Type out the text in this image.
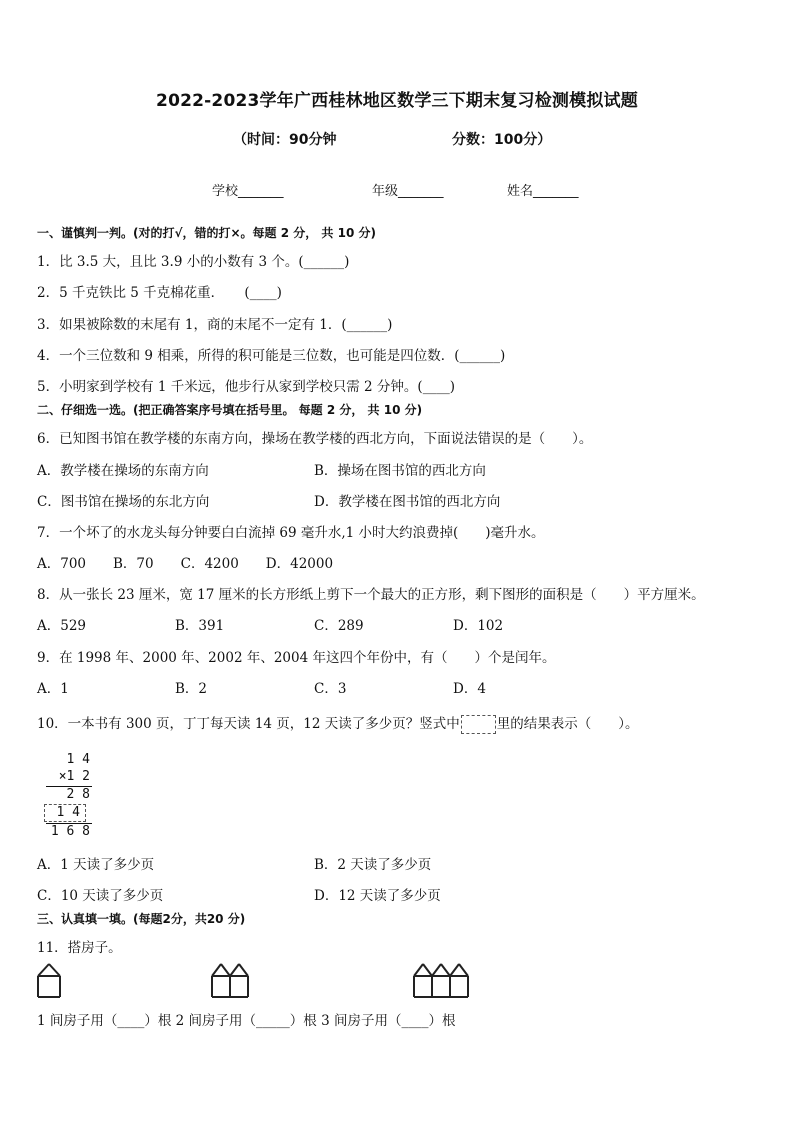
2022-2023学年广西桂林地区数学三下期末复习检测模拟试题
（时间：90分钟	分数：100分）
学校_______	年级_______	姓名_______
一、谨慎判一判。(对的打√，错的打×。每题 2 分， 共 10 分)
1．比 3.5 大，且比 3.9 小的小数有 3 个。(______)
2．5 千克铁比 5 千克棉花重．　　(____)
3．如果被除数的末尾有 1，商的末尾不一定有 1．(______)
4．一个三位数和 9 相乘，所得的积可能是三位数，也可能是四位数．(______)
5．小明家到学校有 1 千米远，他步行从家到学校只需 2 分钟。(____)
二、仔细选一选。(把正确答案序号填在括号里。 每题 2 分， 共 10 分)
6．已知图书馆在教学楼的东南方向，操场在教学楼的西北方向，下面说法错误的是（　　）。
A．教学楼在操场的东南方向	B．操场在图书馆的西北方向
C．图书馆在操场的东北方向	D．教学楼在图书馆的西北方向
7．一个坏了的水龙头每分钟要白白流掉 69 毫升水,1 小时大约浪费掉(　　)毫升水。
A．700　　B．70　　C．4200　　D．42000
8．从一张长 23 厘米，宽 17 厘米的长方形纸上剪下一个最大的正方形，剩下图形的面积是（　　）平方厘米。
A．529	B．391	C．289	D．102
9．在 1998 年、2000 年、2002 年、2004 年这四个年份中，有（　　）个是闰年。
A．1	B．2	C．3	D．4
10．一本书有 300 页，丁丁每天读 14 页，12 天读了多少页？竖式中	里的结果表示（　　）。
1 4
×1 2
2 8
1 4
1 6 8
A．1 天读了多少页	B．2 天读了多少页
C．10 天读了多少页	D．12 天读了多少页
三、认真填一填。(每题2分，共20 分)
11．搭房子。
1 间房子用（____）根 2 间房子用（_____）根 3 间房子用（____）根
